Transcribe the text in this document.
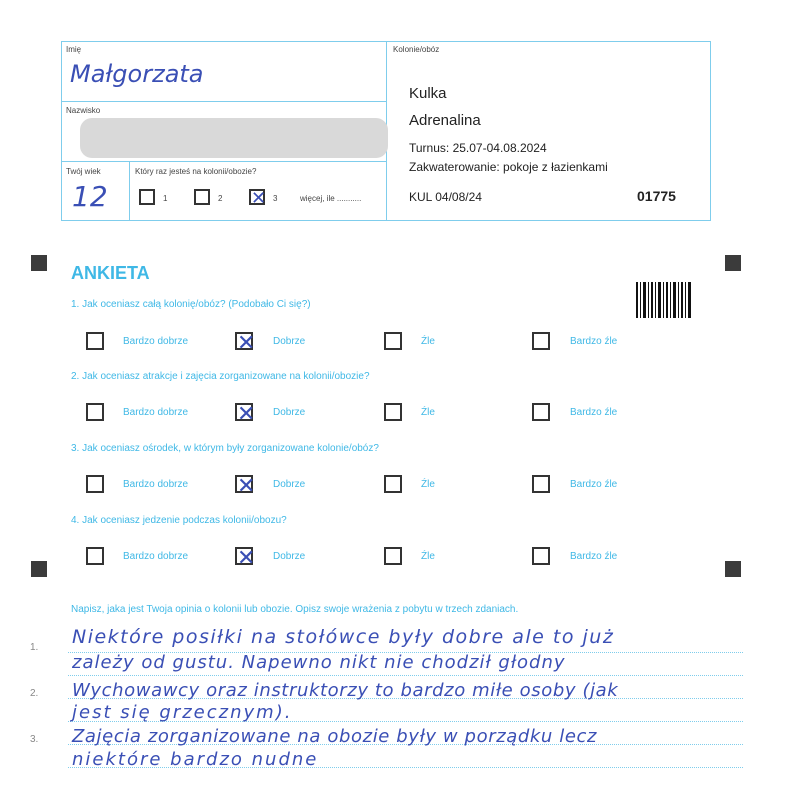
Imię
Małgorzata
Nazwisko
Twój wiek
12
Który raz jesteś na kolonii/obozie?
1	2 ✕ 3	więcej, ile ...........
Kolonie/obóz
Kulka
Adrenalina
Turnus: 25.07-04.08.2024
Zakwaterowanie: pokoje z łazienkami
KUL 04/08/24	01775
ANKIETA
1. Jak oceniasz całą kolonię/obóz? (Podobało Ci się?)
Bardzo dobrze ✕ Dobrze	Źle	Bardzo źle
2. Jak oceniasz atrakcje i zajęcia zorganizowane na kolonii/obozie?
Bardzo dobrze ✕ Dobrze	Źle	Bardzo źle
3. Jak oceniasz ośrodek, w którym były zorganizowane kolonie/obóz?
Bardzo dobrze ✕ Dobrze	Źle	Bardzo źle
4. Jak oceniasz jedzenie podczas kolonii/obozu?
Bardzo dobrze ✕ Dobrze	Źle	Bardzo źle
Napisz, jaka jest Twoja opinia o kolonii lub obozie. Opisz swoje wrażenia z pobytu w trzech zdaniach.
1.
2.
3.
Niektóre posiłki na stołówce były dobre ale to już
zależy od gustu. Napewno nikt nie chodził głodny
Wychowawcy oraz instruktorzy to bardzo miłe osoby (jak
jest się grzecznym).
Zajęcia zorganizowane na obozie były w porządku lecz
niektóre bardzo nudne
